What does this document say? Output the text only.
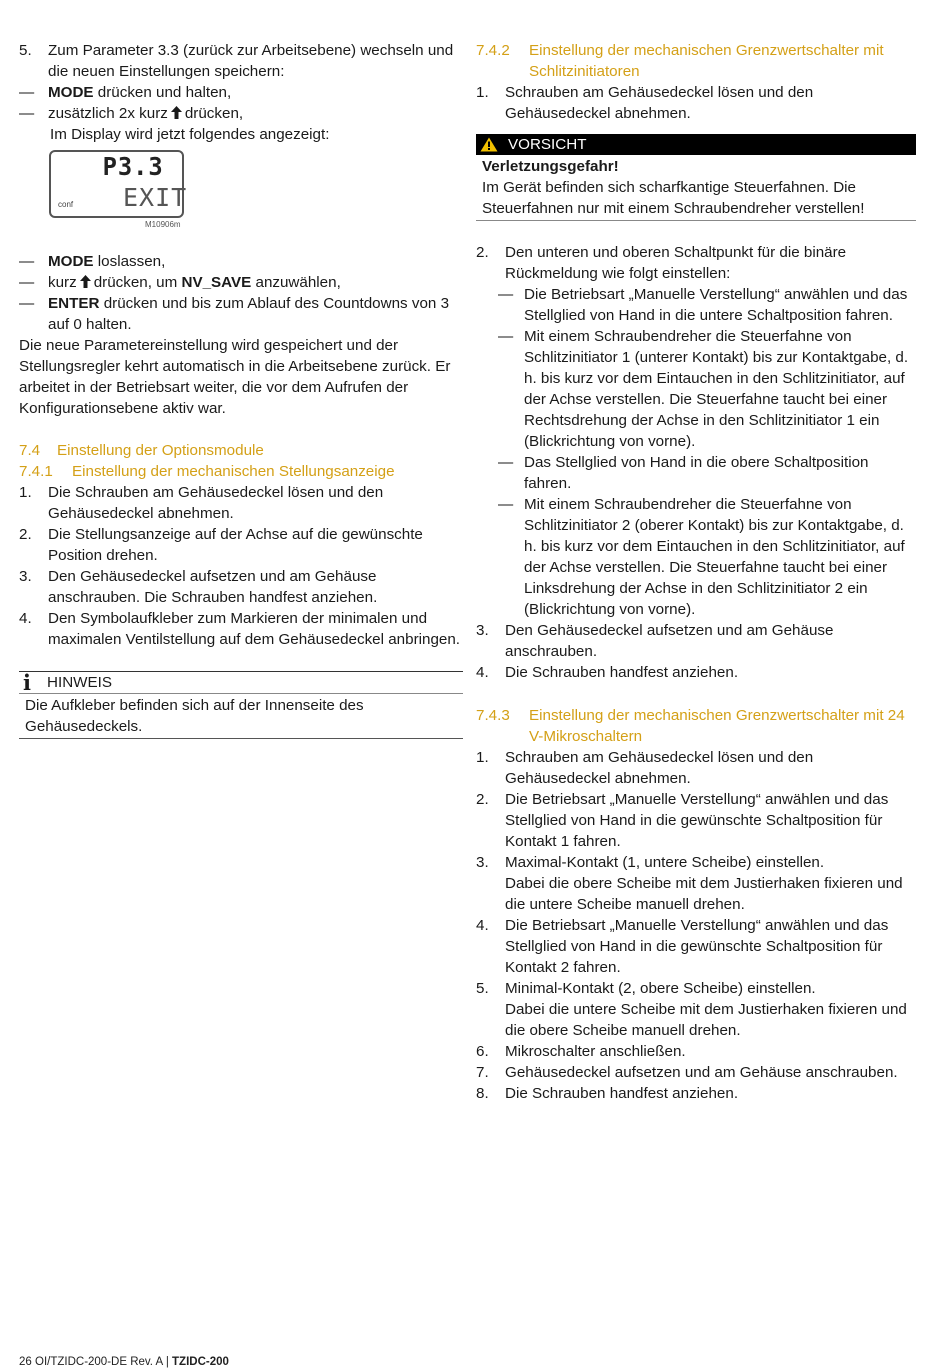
5. Zum Parameter 3.3 (zurück zur Arbeitsebene) wechseln und die neuen Einstellungen speichern:
— MODE drücken und halten,
— zusätzlich 2x kurz drücken,
Im Display wird jetzt folgendes angezeigt:
P3.3
EXIT
conf
M10906m
— MODE loslassen,
— kurz drücken, um NV_SAVE anzuwählen,
— ENTER drücken und bis zum Ablauf des Countdowns von 3 auf 0 halten.
Die neue Parametereinstellung wird gespeichert und der Stellungsregler kehrt automatisch in die Arbeitsebene zurück. Er arbeitet in der Betriebsart weiter, die vor dem Aufrufen der Konfigurationsebene aktiv war.
7.4 Einstellung der Optionsmodule
7.4.1 Einstellung der mechanischen Stellungsanzeige
1. Die Schrauben am Gehäusedeckel lösen und den Gehäusedeckel abnehmen.
2. Die Stellungsanzeige auf der Achse auf die gewünschte Position drehen.
3. Den Gehäusedeckel aufsetzen und am Gehäuse anschrauben. Die Schrauben handfest anziehen.
4. Den Symbolaufkleber zum Markieren der minimalen und maximalen Ventilstellung auf dem Gehäusedeckel anbringen.
i	HINWEIS
Die Aufkleber befinden sich auf der Innenseite des Gehäusedeckels.
7.4.2 Einstellung der mechanischen Grenzwertschalter mit Schlitzinitiatoren
1. Schrauben am Gehäusedeckel lösen und den Gehäusedeckel abnehmen.
VORSICHT
Verletzungsgefahr!
Im Gerät befinden sich scharfkantige Steuerfahnen. Die Steuerfahnen nur mit einem Schraubendreher verstellen!
2. Den unteren und oberen Schaltpunkt für die binäre Rückmeldung wie folgt einstellen:
— Die Betriebsart „Manuelle Verstellung“ anwählen und das Stellglied von Hand in die untere Schaltposition fahren.
— Mit einem Schraubendreher die Steuerfahne von Schlitzinitiator 1 (unterer Kontakt) bis zur Kontaktgabe, d. h. bis kurz vor dem Eintauchen in den Schlitzinitiator, auf der Achse verstellen. Die Steuerfahne taucht bei einer Rechtsdrehung der Achse in den Schlitzinitiator 1 ein (Blickrichtung von vorne).
— Das Stellglied von Hand in die obere Schaltposition fahren.
— Mit einem Schraubendreher die Steuerfahne von Schlitzinitiator 2 (oberer Kontakt) bis zur Kontaktgabe, d. h. bis kurz vor dem Eintauchen in den Schlitzinitiator, auf der Achse verstellen. Die Steuerfahne taucht bei einer Linksdrehung der Achse in den Schlitzinitiator 2 ein (Blickrichtung von vorne).
3. Den Gehäusedeckel aufsetzen und am Gehäuse anschrauben.
4. Die Schrauben handfest anziehen.
7.4.3 Einstellung der mechanischen Grenzwertschalter mit 24 V-Mikroschaltern
1. Schrauben am Gehäusedeckel lösen und den Gehäusedeckel abnehmen.
2. Die Betriebsart „Manuelle Verstellung“ anwählen und das Stellglied von Hand in die gewünschte Schaltposition für Kontakt 1 fahren.
3. Maximal-Kontakt (1, untere Scheibe) einstellen.
Dabei die obere Scheibe mit dem Justierhaken fixieren und die untere Scheibe manuell drehen.
4. Die Betriebsart „Manuelle Verstellung“ anwählen und das Stellglied von Hand in die gewünschte Schaltposition für Kontakt 2 fahren.
5. Minimal-Kontakt (2, obere Scheibe) einstellen.
Dabei die untere Scheibe mit dem Justierhaken fixieren und die obere Scheibe manuell drehen.
6. Mikroschalter anschließen.
7. Gehäusedeckel aufsetzen und am Gehäuse anschrauben.
8. Die Schrauben handfest anziehen.
26 OI/TZIDC-200-DE Rev. A | TZIDC-200
